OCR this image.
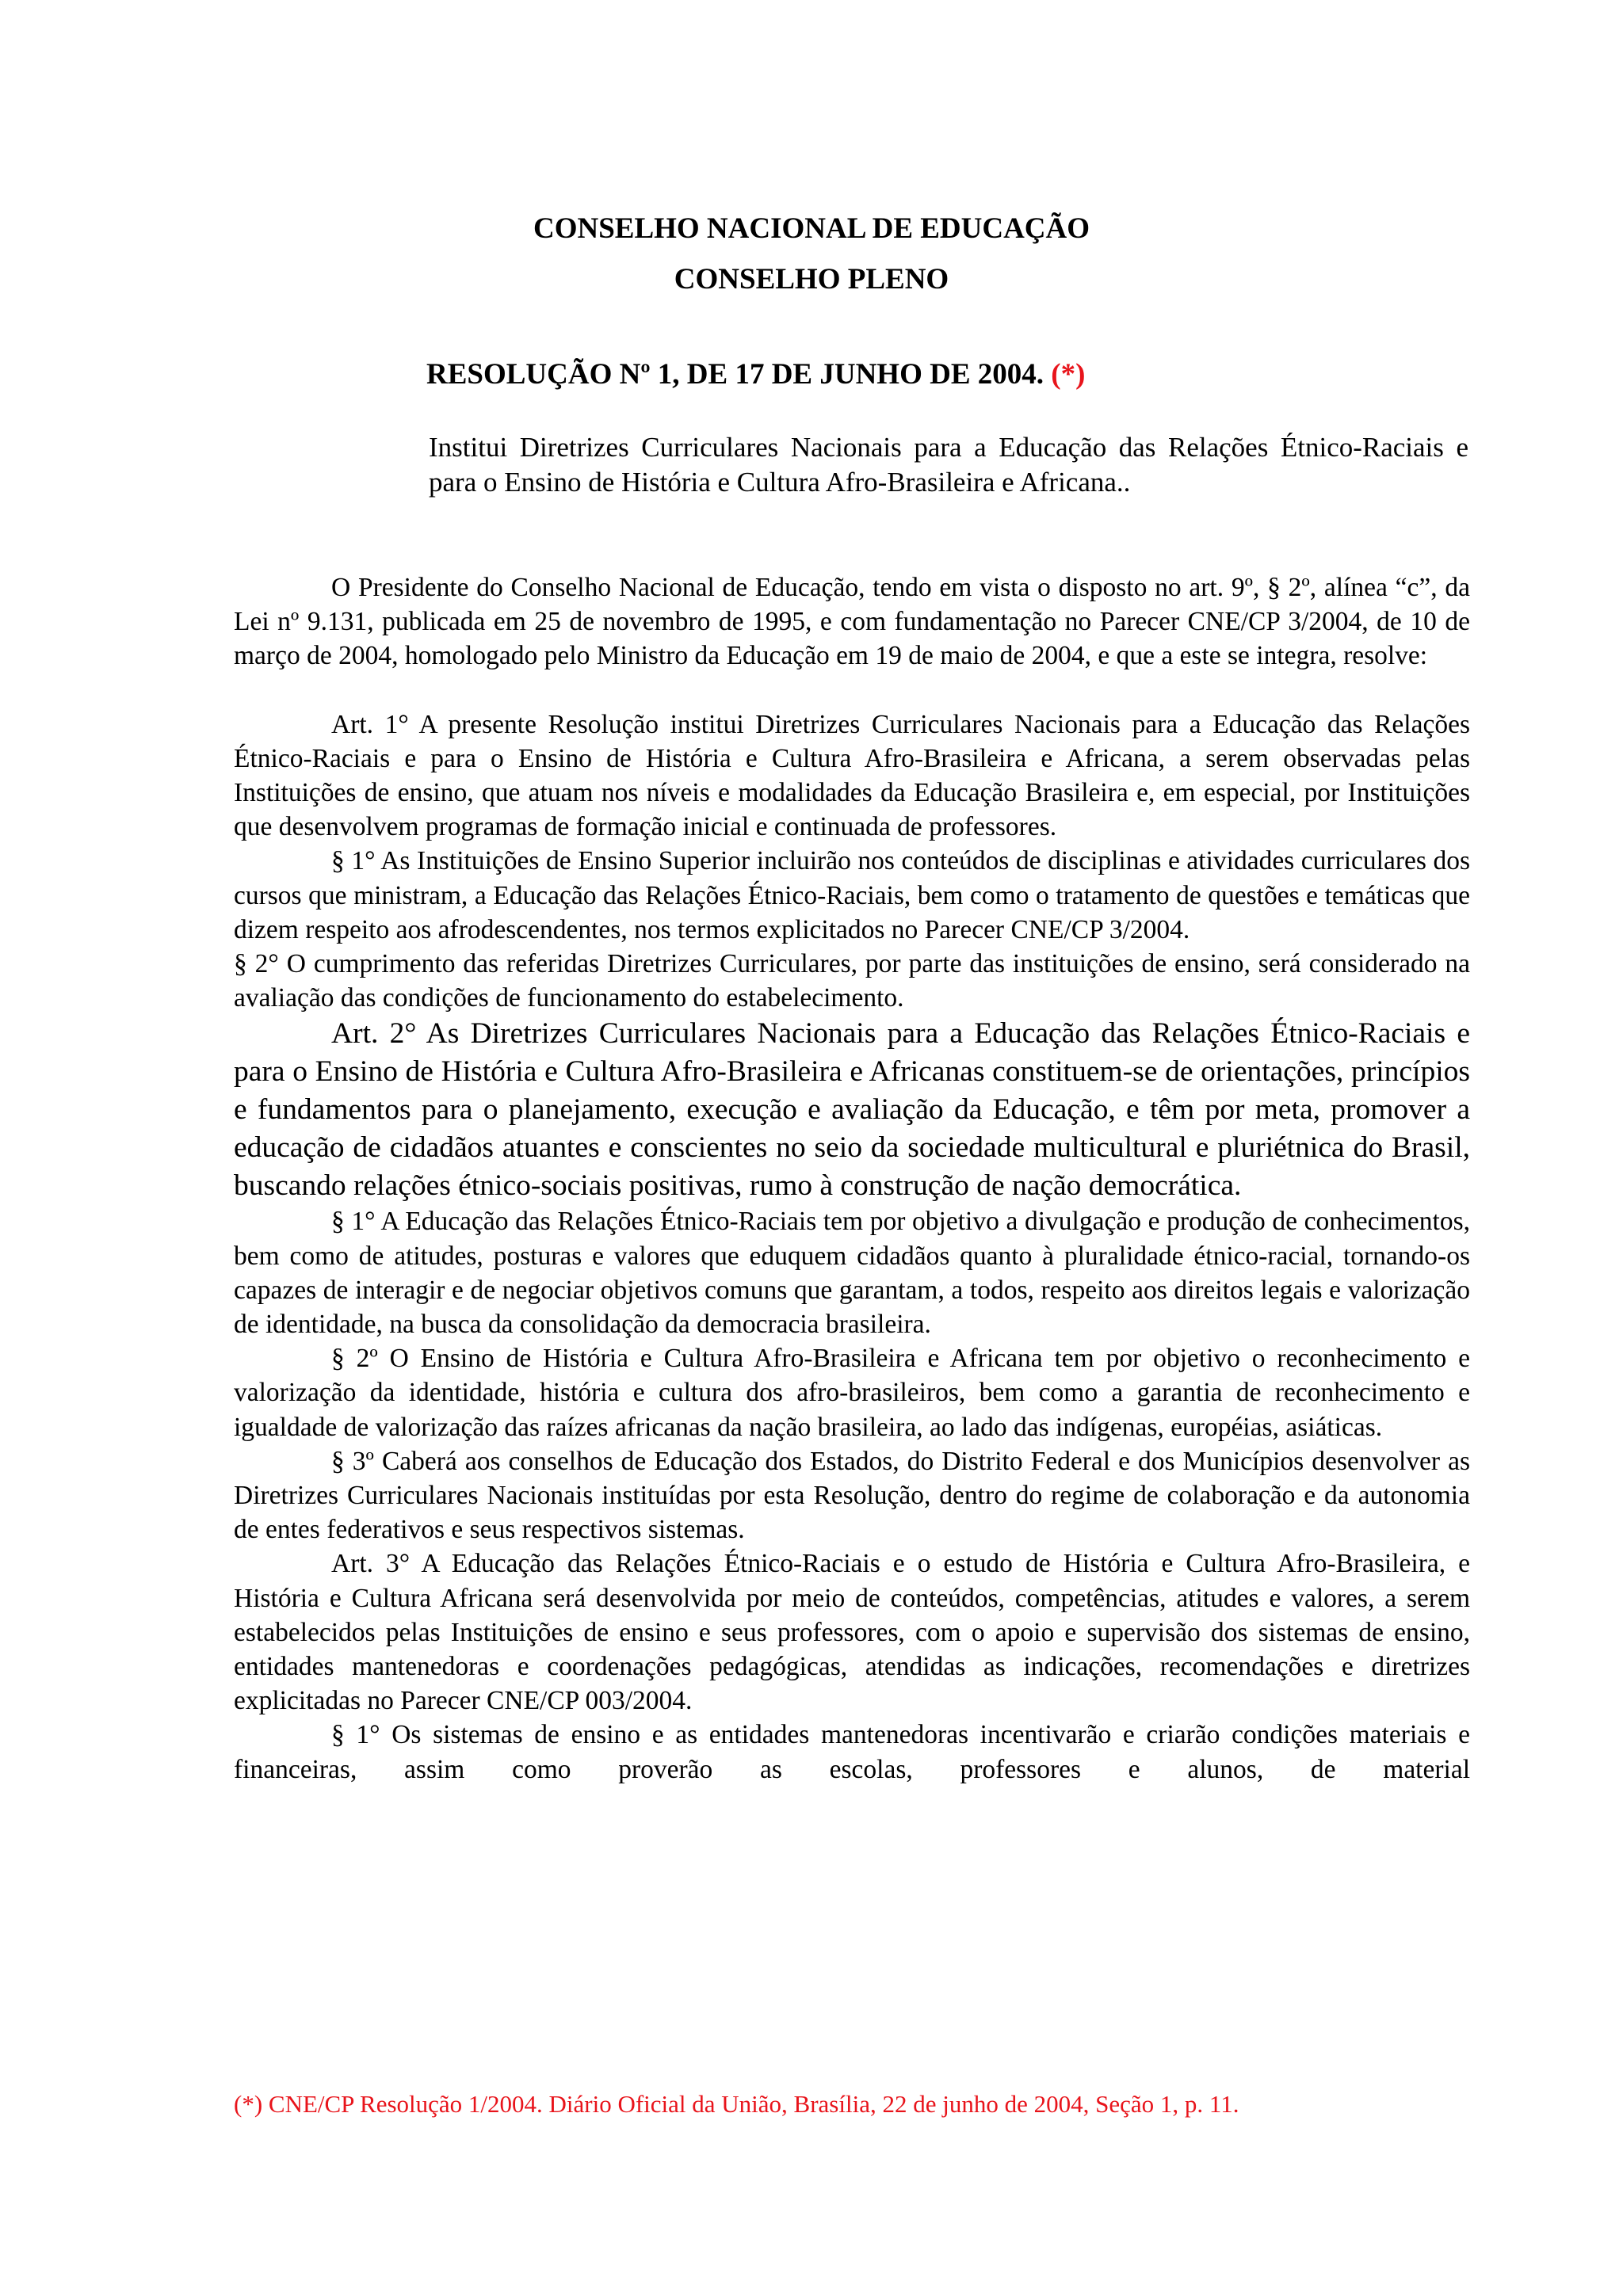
CONSELHO NACIONAL DE EDUCAÇÃO
CONSELHO PLENO
RESOLUÇÃO Nº 1, DE 17 DE JUNHO DE 2004. (*)
Institui Diretrizes Curriculares Nacionais para a Educação das Relações Étnico-Raciais e para o Ensino de História e Cultura Afro-Brasileira e Africana..

O Presidente do Conselho Nacional de Educação, tendo em vista o disposto no art. 9º, § 2º, alínea “c”, da Lei nº 9.131, publicada em 25 de novembro de 1995, e com fundamentação no Parecer CNE/CP 3/2004, de 10 de março de 2004, homologado pelo Ministro da Educação em 19 de maio de 2004, e que a este se integra, resolve:

Art. 1° A presente Resolução institui Diretrizes Curriculares Nacionais para a Educação das Relações Étnico-Raciais e para o Ensino de História e Cultura Afro-Brasileira e Africana, a serem observadas pelas Instituições de ensino, que atuam nos níveis e modalidades da Educação Brasileira e, em especial, por Instituições que desenvolvem programas de formação inicial e continuada de professores.

§ 1° As Instituições de Ensino Superior incluirão nos conteúdos de disciplinas e atividades curriculares dos cursos que ministram, a Educação das Relações Étnico-Raciais, bem como o tratamento de questões e temáticas que dizem respeito aos afrodescendentes, nos termos explicitados no Parecer CNE/CP 3/2004.

§ 2° O cumprimento das referidas Diretrizes Curriculares, por parte das instituições de ensino, será considerado na avaliação das condições de funcionamento do estabelecimento.

Art. 2° As Diretrizes Curriculares Nacionais para a Educação das Relações Étnico-Raciais e para o Ensino de História e Cultura Afro-Brasileira e Africanas constituem-se de orientações, princípios e fundamentos para o planejamento, execução e avaliação da Educação, e têm por meta, promover a educação de cidadãos atuantes e conscientes no seio da sociedade multicultural e pluriétnica do Brasil, buscando relações étnico-sociais positivas, rumo à construção de nação democrática.

§ 1° A Educação das Relações Étnico-Raciais tem por objetivo a divulgação e produção de conhecimentos, bem como de atitudes, posturas e valores que eduquem cidadãos quanto à pluralidade étnico-racial, tornando-os capazes de interagir e de negociar objetivos comuns que garantam, a todos, respeito aos direitos legais e valorização de identidade, na busca da consolidação da democracia brasileira.

§ 2º O Ensino de História e Cultura Afro-Brasileira e Africana tem por objetivo o reconhecimento e valorização da identidade, história e cultura dos afro-brasileiros, bem como a garantia de reconhecimento e igualdade de valorização das raízes africanas da nação brasileira, ao lado das indígenas, européias, asiáticas.

§ 3º Caberá aos conselhos de Educação dos Estados, do Distrito Federal e dos Municípios desenvolver as Diretrizes Curriculares Nacionais instituídas por esta Resolução, dentro do regime de colaboração e da autonomia de entes federativos e seus respectivos sistemas.

Art. 3° A Educação das Relações Étnico-Raciais e o estudo de História e Cultura Afro-Brasileira, e História e Cultura Africana será desenvolvida por meio de conteúdos, competências, atitudes e valores, a serem estabelecidos pelas Instituições de ensino e seus professores, com o apoio e supervisão dos sistemas de ensino, entidades mantenedoras e coordenações pedagógicas, atendidas as indicações, recomendações e diretrizes explicitadas no Parecer CNE/CP 003/2004.

§ 1° Os sistemas de ensino e as entidades mantenedoras incentivarão e criarão condições materiais e financeiras, assim como proverão as escolas, professores e alunos, de material

(*) CNE/CP Resolução 1/2004. Diário Oficial da União, Brasília, 22 de junho de 2004, Seção 1, p. 11.
